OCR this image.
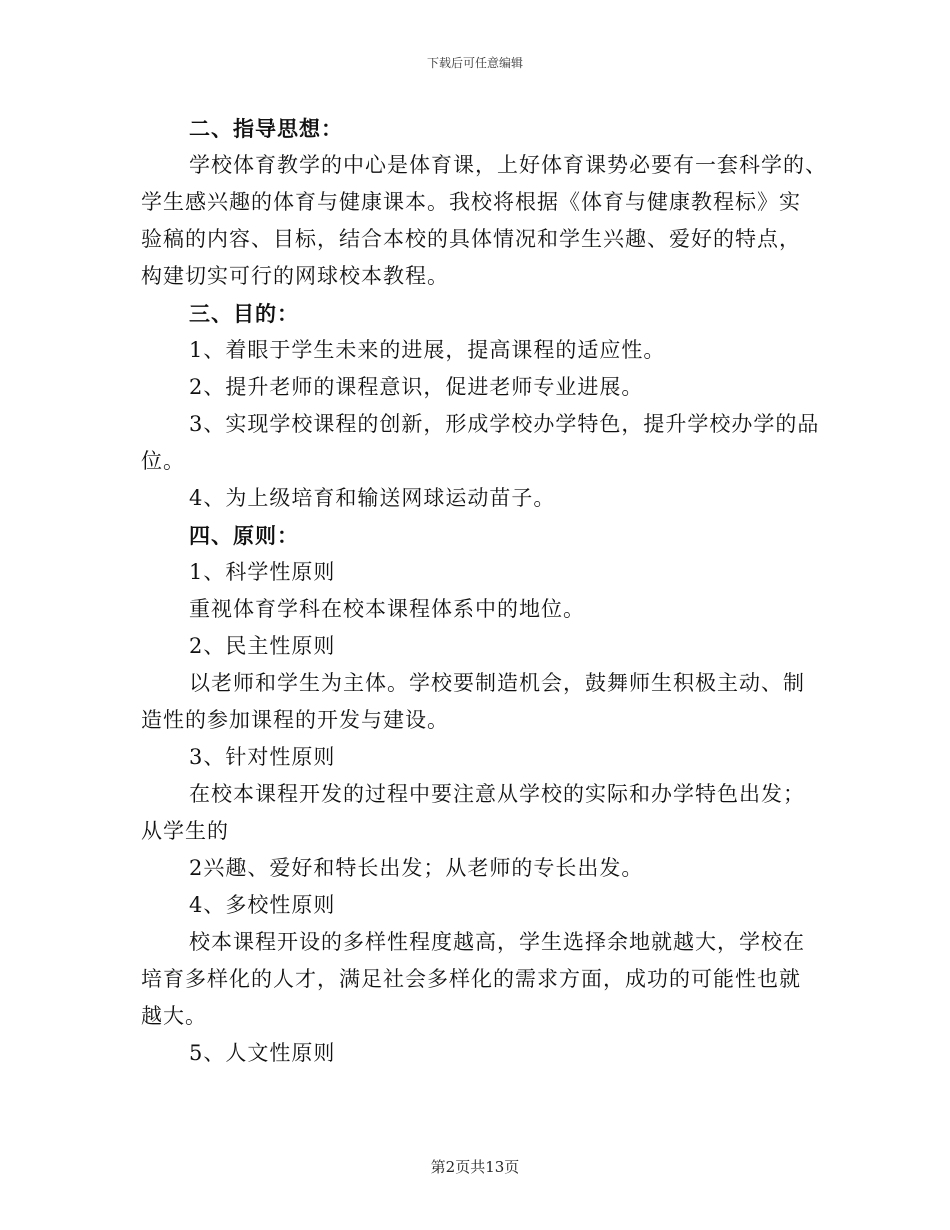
下载后可任意编辑
二、指导思想：
学校体育教学的中心是体育课，上好体育课势必要有一套科学的、
学生感兴趣的体育与健康课本。我校将根据《体育与健康教程标》实
验稿的内容、目标，结合本校的具体情况和学生兴趣、爱好的特点，
构建切实可行的网球校本教程。
三、目的：
1、着眼于学生未来的进展，提高课程的适应性。
2、提升老师的课程意识，促进老师专业进展。
3、实现学校课程的创新，形成学校办学特色，提升学校办学的品
位。
4、为上级培育和输送网球运动苗子。
四、原则：
1、科学性原则
重视体育学科在校本课程体系中的地位。
2、民主性原则
以老师和学生为主体。学校要制造机会，鼓舞师生积极主动、制
造性的参加课程的开发与建设。
3、针对性原则
在校本课程开发的过程中要注意从学校的实际和办学特色出发；
从学生的
2兴趣、爱好和特长出发；从老师的专长出发。
4、多校性原则
校本课程开设的多样性程度越高，学生选择余地就越大，学校在
培育多样化的人才，满足社会多样化的需求方面，成功的可能性也就
越大。
5、人文性原则
第2页共13页
